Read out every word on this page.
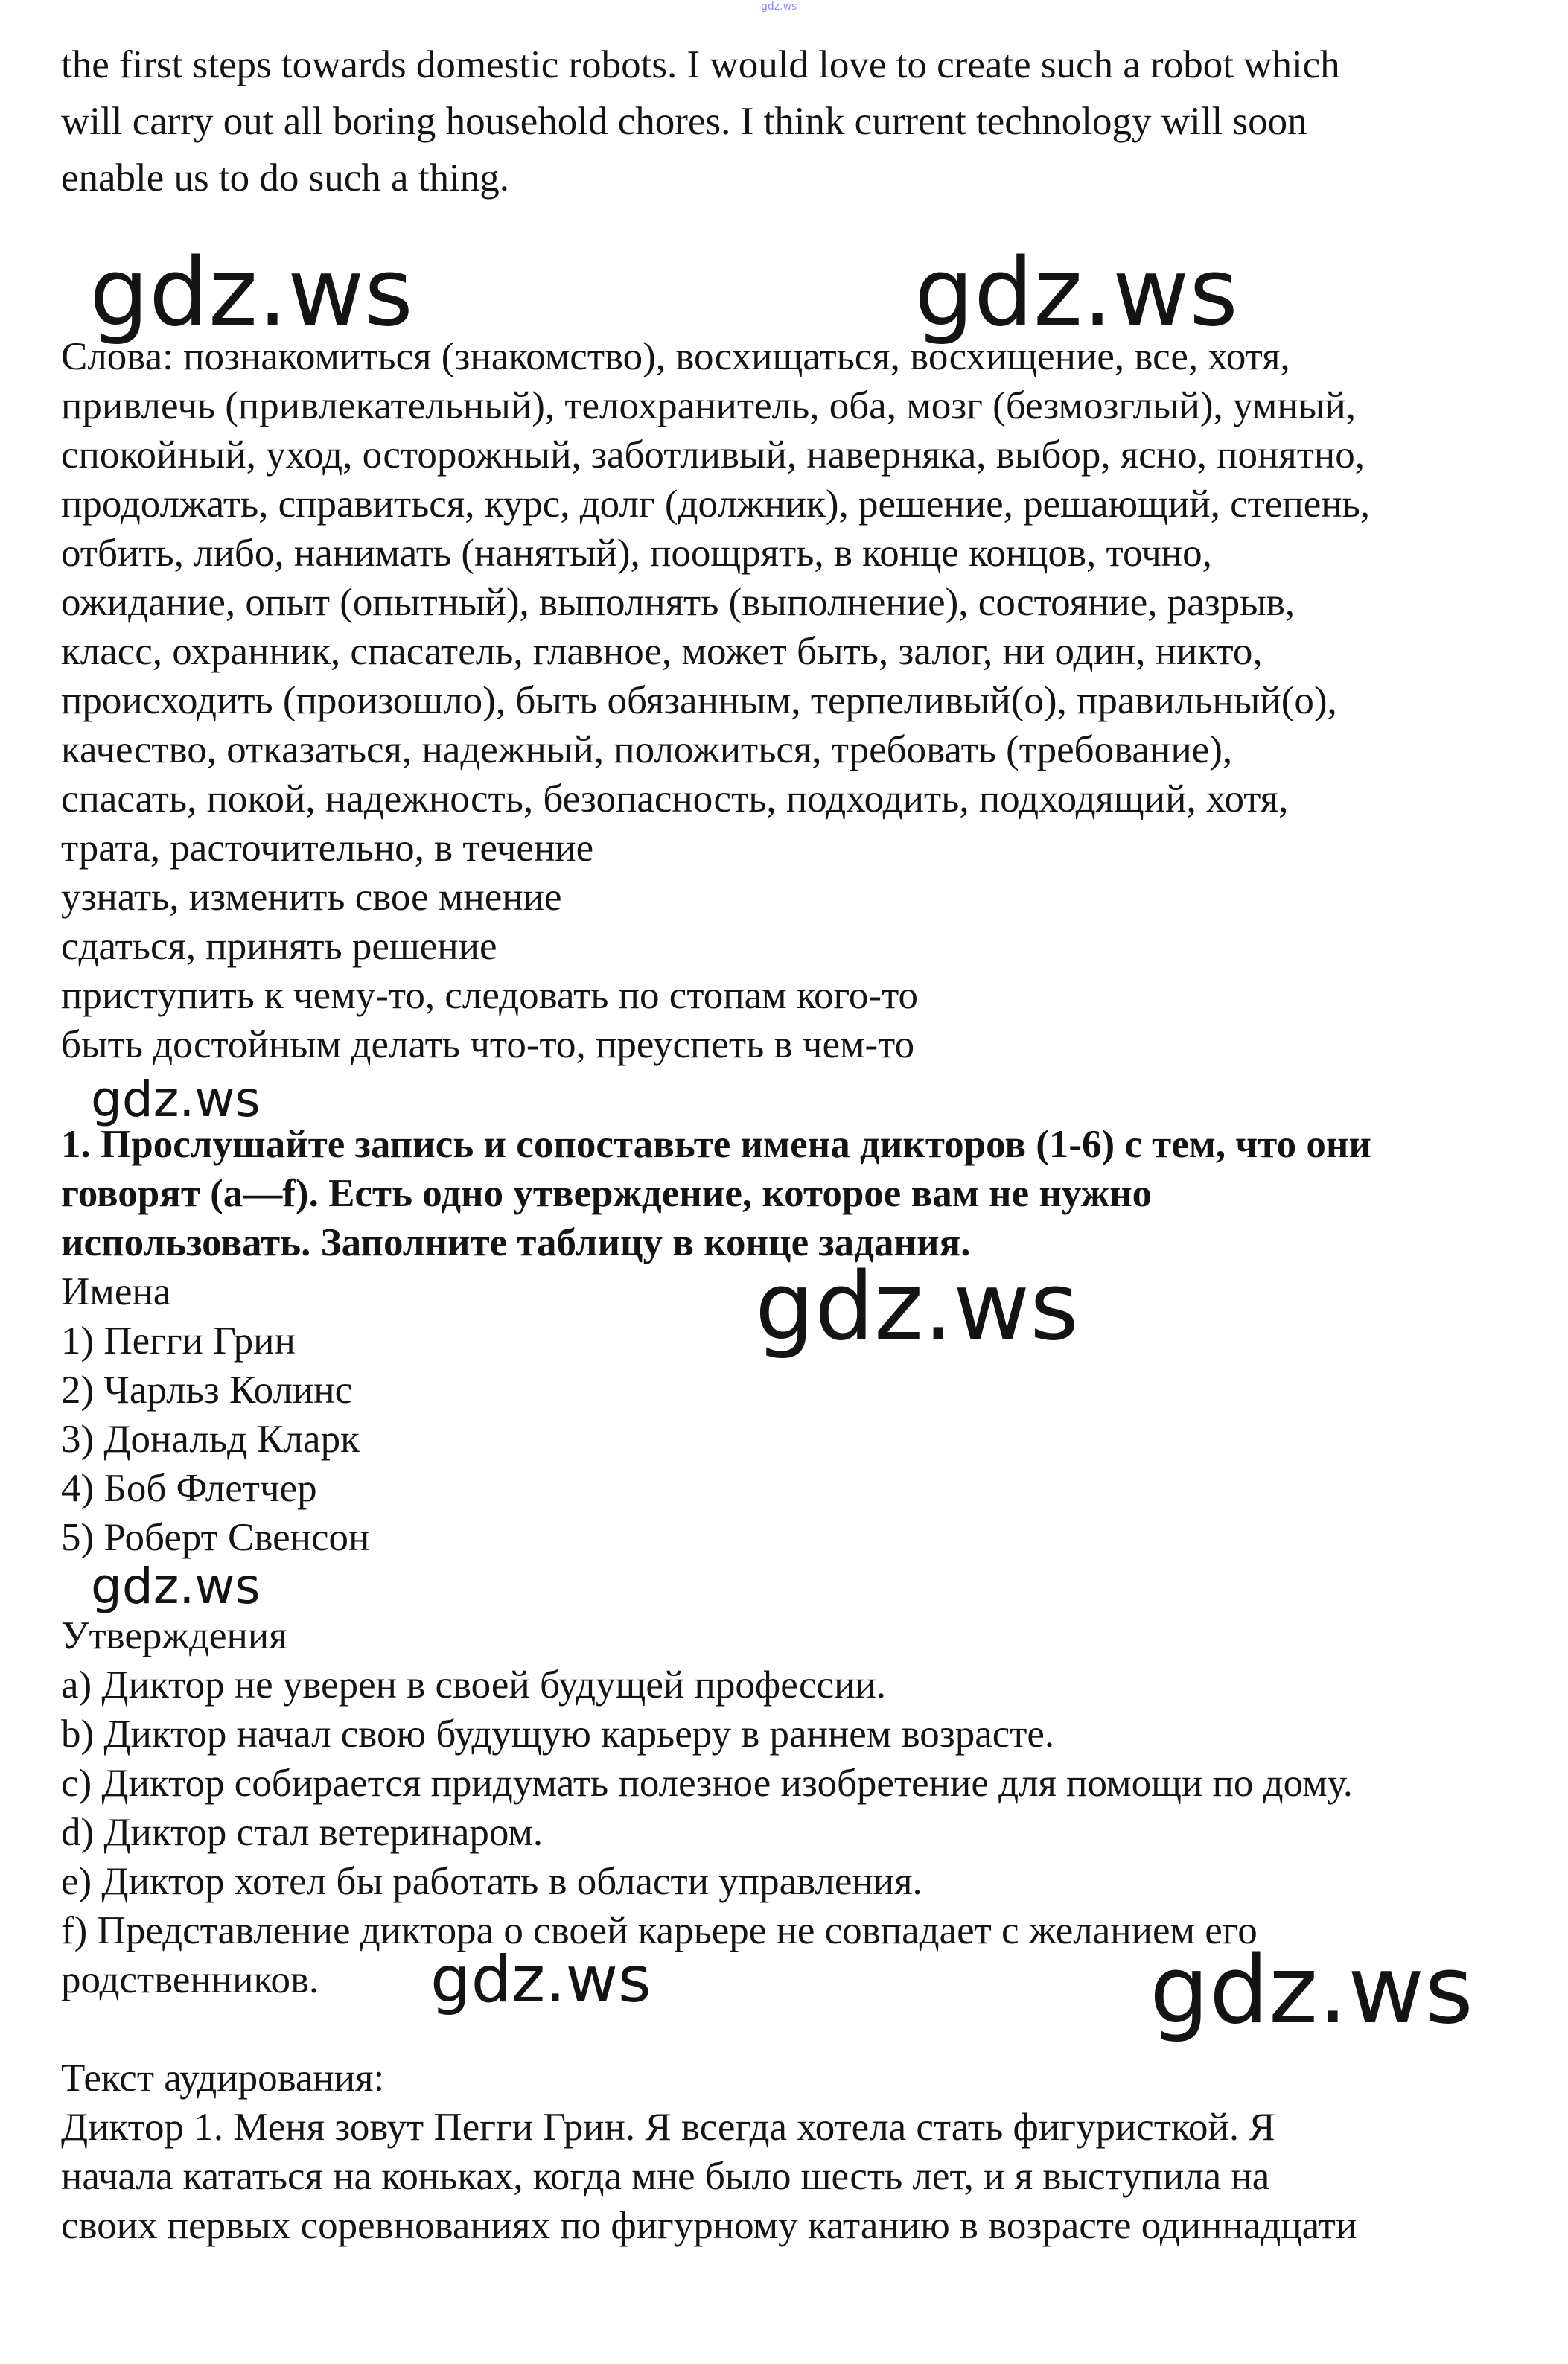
gdz.ws
the first steps towards domestic robots. I would love to create such a robot which
will carry out all boring household chores. I think current technology will soon
enable us to do such a thing.
gdz.ws	gdz.ws
Слова: познакомиться (знакомство), восхищаться, восхищение, все, хотя,
привлечь (привлекательный), телохранитель, оба, мозг (безмозглый), умный,
спокойный, уход, осторожный, заботливый, наверняка, выбор, ясно, понятно,
продолжать, справиться, курс, долг (должник), решение, решающий, степень,
отбить, либо, нанимать (нанятый), поощрять, в конце концов, точно,
ожидание, опыт (опытный), выполнять (выполнение), состояние, разрыв,
класс, охранник, спасатель, главное, может быть, залог, ни один, никто,
происходить (произошло), быть обязанным, терпеливый(о), правильный(о),
качество, отказаться, надежный, положиться, требовать (требование),
спасать, покой, надежность, безопасность, подходить, подходящий, хотя,
трата, расточительно, в течение
узнать, изменить свое мнение
сдаться, принять решение
приступить к чему-то, следовать по стопам кого-то
быть достойным делать что-то, преуспеть в чем-то
gdz.ws
1. Прослушайте запись и сопоставьте имена дикторов (1-6) с тем, что они
говорят (a—f). Есть одно утверждение, которое вам не нужно
использовать. Заполните таблицу в конце задания.
Имена	gdz.ws
1) Пегги Грин
2) Чарльз Колинс
3) Дональд Кларк
4) Боб Флетчер
5) Роберт Свенсон
gdz.ws
Утверждения
a) Диктор не уверен в своей будущей профессии.
b) Диктор начал свою будущую карьеру в раннем возрасте.
c) Диктор собирается придумать полезное изобретение для помощи по дому.
d) Диктор стал ветеринаром.
e) Диктор хотел бы работать в области управления.
f) Представление диктора о своей карьере не совпадает с желанием его
родственников. gdz.ws	gdz.ws
Текст аудирования:
Диктор 1. Меня зовут Пегги Грин. Я всегда хотела стать фигуристкой. Я
начала кататься на коньках, когда мне было шесть лет, и я выступила на
своих первых соревнованиях по фигурному катанию в возрасте одиннадцати
